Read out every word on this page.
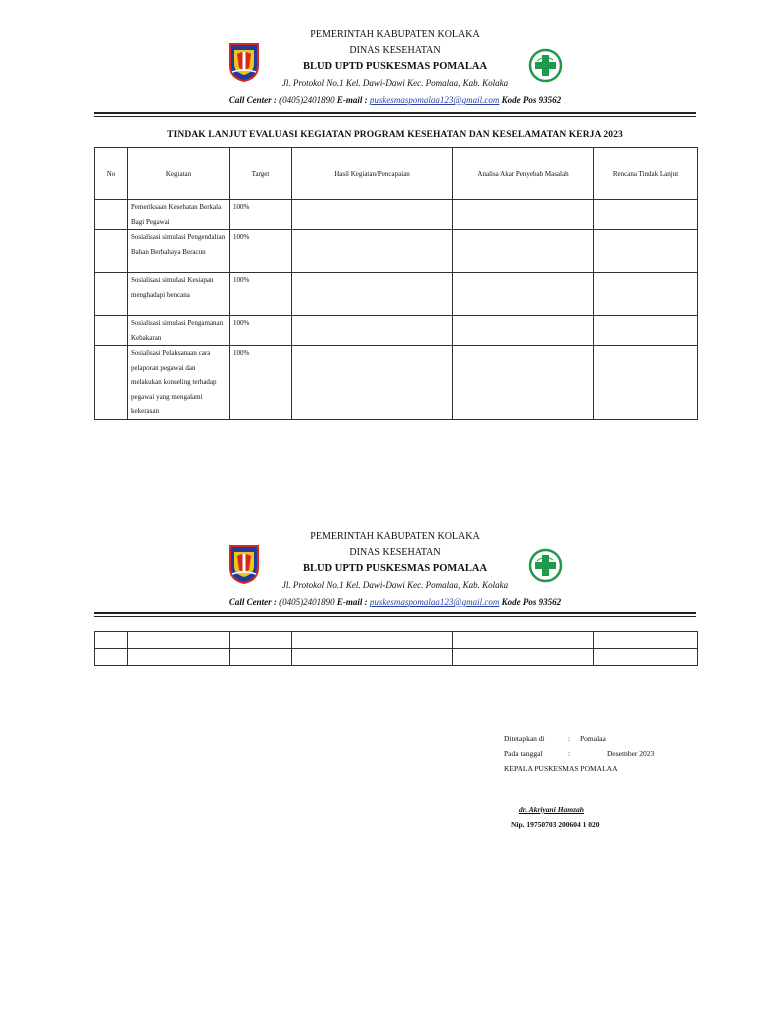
PEMERINTAH KABUPATEN KOLAKA
DINAS KESEHATAN
BLUD UPTD PUSKESMAS POMALAA
Jl. Protokol No.1 Kel. Dawi-Dawi Kec. Pomalaa, Kab. Kolaka
Call Center : (0405)2401890 E-mail : puskesmaspomalaa123@gmail.com Kode Pos 93562
TINDAK LANJUT EVALUASI KEGIATAN PROGRAM KESEHATAN DAN KESELAMATAN KERJA 2023
No	Kegiatan	Target	Hasil Kegiatan/Pencapaian	Analisa Akar Penyebab Masalah	Rencana Tindak Lanjut

	Pemeriksaan Kesehatan Berkala Bagi Pegawai	100%			

	Sosialisasi simulasi Pengendalian Bahan Berbahaya Beracun	100%			

	Sosialisasi simulasi Kesiapan menghadapi bencana	100%			

	Sosialisasi simulasi Pengamanan Kebakaran	100%			

	Sosialisasi Pelaksanaan cara pelaporan pegawai dan melakukan konseling terhadap pegawai yang mengalami kekerasan	100%			

PEMERINTAH KABUPATEN KOLAKA
DINAS KESEHATAN
BLUD UPTD PUSKESMAS POMALAA
Jl. Protokol No.1 Kel. Dawi-Dawi Kec. Pomalaa, Kab. Kolaka
Call Center : (0405)2401890 E-mail : puskesmaspomalaa123@gmail.com Kode Pos 93562

Ditetapkan di	: Pomalaa
Pada tanggal	:	Desember 2023
KEPALA PUSKESMAS POMALAA
dr. Akriyani Hamzah
Nip. 19750703 200604 1 020
